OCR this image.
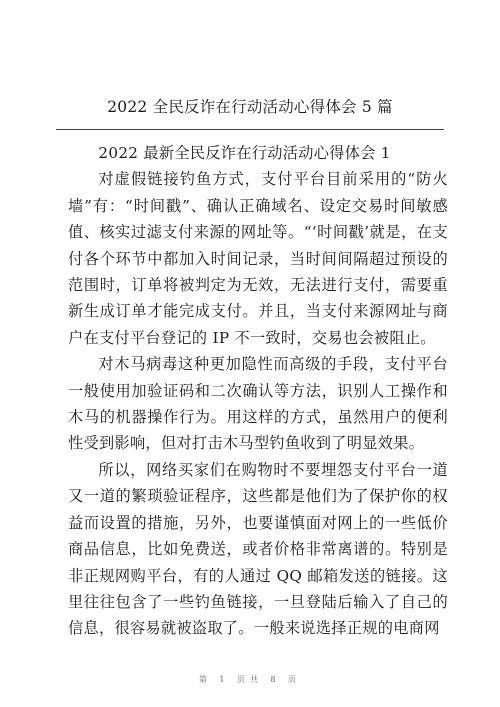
2022 全民反诈在行动活动心得体会 5 篇

2022 最新全民反诈在行动活动心得体会 1

对虚假链接钓鱼方式，支付平台目前采用的“防火墙”有：“时间戳”、确认正确域名、设定交易时间敏感值、核实过滤支付来源的网址等。“‘时间戳’就是，在支付各个环节中都加入时间记录，当时间间隔超过预设的范围时，订单将被判定为无效，无法进行支付，需要重新生成订单才能完成支付。并且，当支付来源网址与商户在支付平台登记的 IP 不一致时，交易也会被阻止。

对木马病毒这种更加隐性而高级的手段，支付平台一般使用加验证码和二次确认等方法，识别人工操作和木马的机器操作行为。用这样的方式，虽然用户的便利性受到影响，但对打击木马型钓鱼收到了明显效果。

所以，网络买家们在购物时不要埋怨支付平台一道又一道的繁琐验证程序，这些都是他们为了保护你的权益而设置的措施，另外，也要谨慎面对网上的一些低价商品信息，比如免费送，或者价格非常离谱的。特别是非正规网购平台，有的人通过 QQ 邮箱发送的链接。这里往往包含了一些钓鱼链接，一旦登陆后输入了自己的信息，很容易就被盗取了。一般来说选择正规的电商网

第 1 页共 8 页
